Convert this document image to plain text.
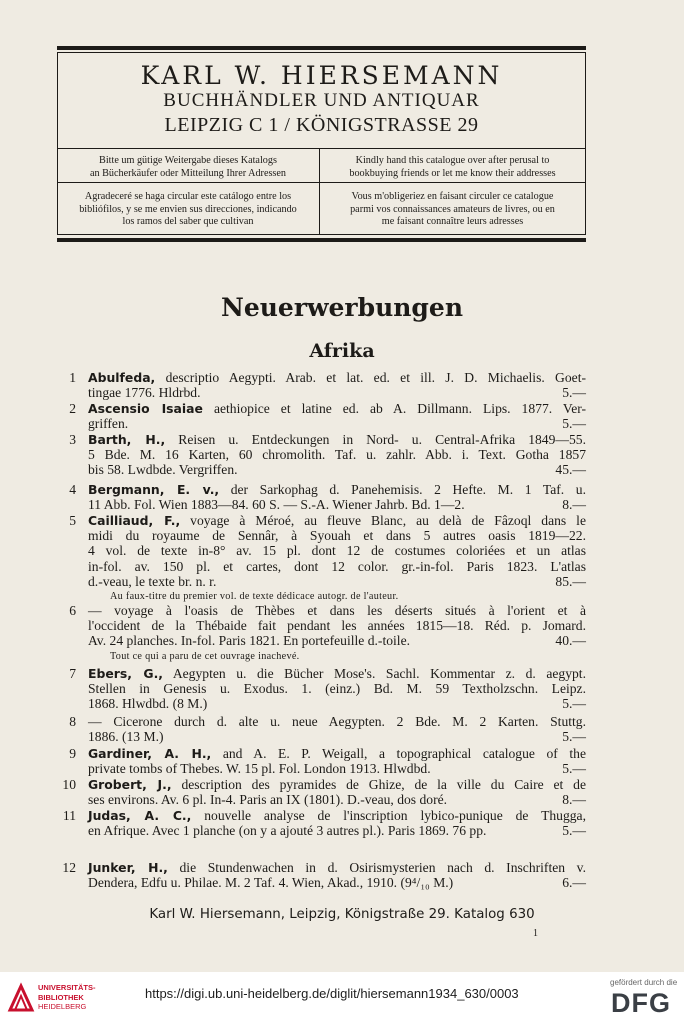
KARL W. HIERSEMANN
BUCHHÄNDLER UND ANTIQUAR
LEIPZIG C 1 / KÖNIGSTRASSE 29
Bitte um gütige Weitergabe dieses Katalogs
an Bücherkäufer oder Mitteilung Ihrer Adressen
Kindly hand this catalogue over after perusal to
bookbuying friends or let me know their addresses
Agradeceré se haga circular este catálogo entre los
bibliófilos, y se me envien sus direcciones, indicando
los ramos del saber que cultivan
Vous m'obligeriez en faisant circuler ce catalogue
parmi vos connaissances amateurs de livres, ou en
me faisant connaître leurs adresses
Neuerwerbungen
Afrika
1 Abulfeda, descriptio Aegypti. Arab. et lat. ed. et ill. J. D. Michaelis. Goet-
tingae 1776. Hldrbd.	5.—
2 Ascensio Isaiae aethiopice et latine ed. ab A. Dillmann. Lips. 1877. Ver-
griffen.	5.—
3 Barth, H., Reisen u. Entdeckungen in Nord- u. Central-Afrika 1849—55.
5 Bde. M. 16 Karten, 60 chromolith. Taf. u. zahlr. Abb. i. Text. Gotha 1857
bis 58. Lwdbde. Vergriffen.	45.—
4 Bergmann, E. v., der Sarkophag d. Panehemisis. 2 Hefte. M. 1 Taf. u.
11 Abb. Fol. Wien 1883—84. 60 S. — S.-A. Wiener Jahrb. Bd. 1—2.	8.—
5 Cailliaud, F., voyage à Méroé, au fleuve Blanc, au delà de Fâzoql dans le
midi du royaume de Sennâr, à Syouah et dans 5 autres oasis 1819—22.
4 vol. de texte in-8° av. 15 pl. dont 12 de costumes coloriées et un atlas
in-fol. av. 150 pl. et cartes, dont 12 color. gr.-in-fol. Paris 1823. L'atlas
d.-veau, le texte br. n. r.	85.—
Au faux-titre du premier vol. de texte dédicace autogr. de l'auteur.
6 — voyage à l'oasis de Thèbes et dans les déserts situés à l'orient et à
l'occident de la Thébaide fait pendant les années 1815—18. Réd. p. Jomard.
Av. 24 planches. In-fol. Paris 1821. En portefeuille d.-toile.	40.—
Tout ce qui a paru de cet ouvrage inachevé.
7 Ebers, G., Aegypten u. die Bücher Mose's. Sachl. Kommentar z. d. aegypt.
Stellen in Genesis u. Exodus. 1. (einz.) Bd. M. 59 Textholzschn. Leipz.
1868. Hlwdbd. (8 M.)	5.—
8 — Cicerone durch d. alte u. neue Aegypten. 2 Bde. M. 2 Karten. Stuttg.
1886. (13 M.)	5.—
9 Gardiner, A. H., and A. E. P. Weigall, a topographical catalogue of the
private tombs of Thebes. W. 15 pl. Fol. London 1913. Hlwdbd.	5.—
10 Grobert, J., description des pyramides de Ghize, de la ville du Caire et de
ses environs. Av. 6 pl. In-4. Paris an IX (1801). D.-veau, dos doré.	8.—
11 Judas, A. C., nouvelle analyse de l'inscription lybico-punique de Thugga,
en Afrique. Avec 1 planche (on y a ajouté 3 autres pl.). Paris 1869. 76 pp.	5.—
12 Junker, H., die Stundenwachen in d. Osirismysterien nach d. Inschriften v.
Dendera, Edfu u. Philae. M. 2 Taf. 4. Wien, Akad., 1910. (9⁴/₁₀ M.)	6.—
Karl W. Hiersemann, Leipzig, Königstraße 29. Katalog 630
1
UNIVERSITÄTS-
BIBLIOTHEK
HEIDELBERG
https://digi.ub.uni-heidelberg.de/diglit/hiersemann1934_630/0003
gefördert durch die
DFG
